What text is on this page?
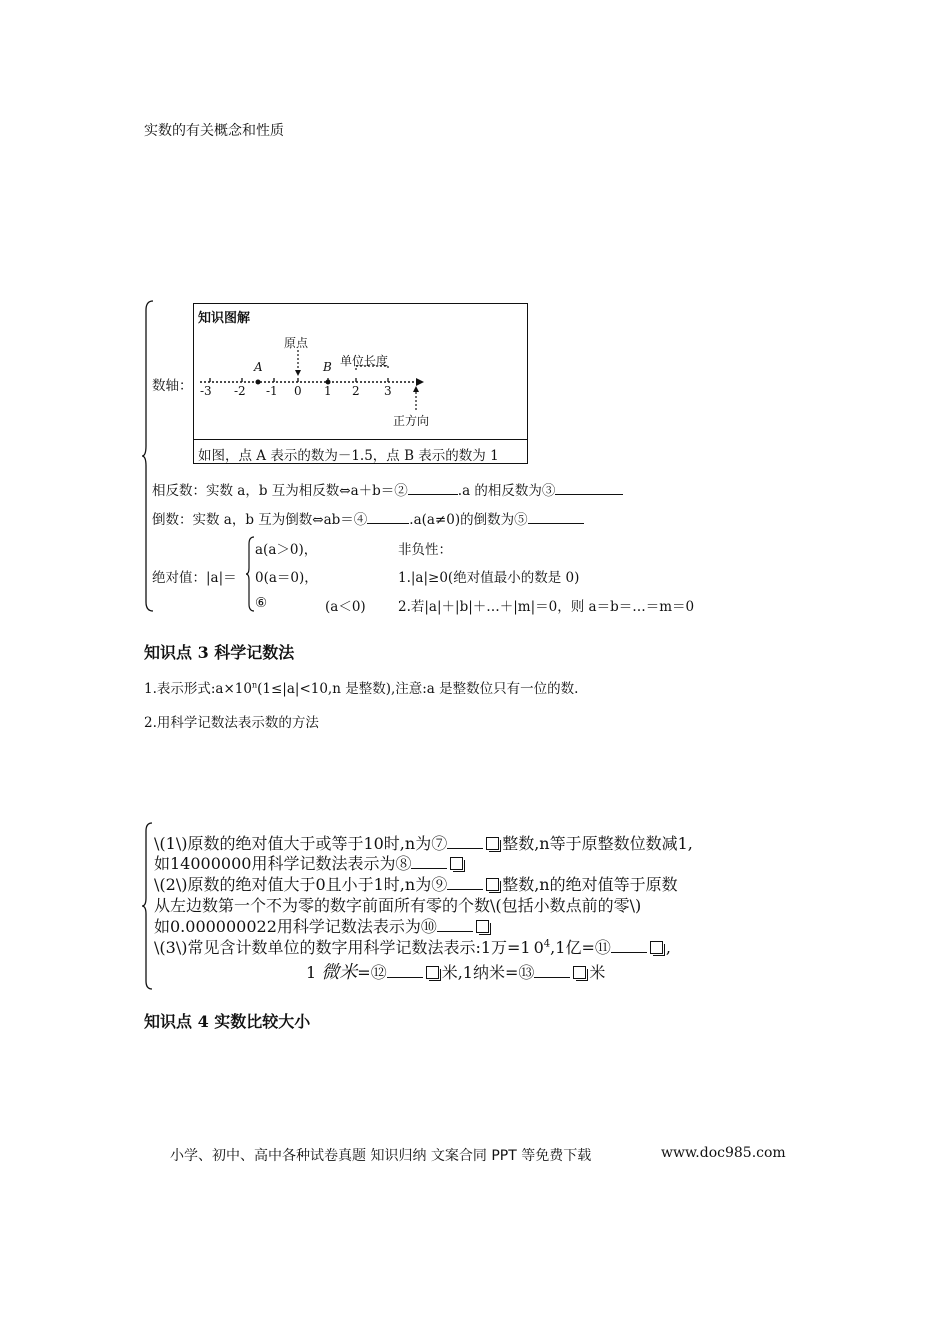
实数的有关概念和性质
数轴：
知识图解
原点
单位长度
A	B
-3 -2 -1 0 1 2 3
正方向
如图，点 A 表示的数为－1.5，点 B 表示的数为 1
相反数：实数 a，b 互为相反数⇔a＋b＝②	.a 的相反数为③
倒数：实数 a，b 互为倒数⇔ab＝④	.a(a≠0)的倒数为⑤
绝对值：|a|＝
a(a＞0)，
0(a＝0)，
⑥	(a＜0)
非负性：
1.|a|≥0(绝对值最小的数是 0)
2.若|a|＋|b|＋…＋|m|＝0，则 a＝b＝…＝m＝0
知识点 3 科学记数法
1.表示形式$:a\times 10^n(1\le|a|<10,n$ 是整数),注意:a 是整数位只有一位的数.
2.用科学记数法表示数的方法
\(1\)原数的绝对值大于或等于10时,n为⑦	整数,n等于原整数位数减1,
如14000000用科学记数法表示为⑧
\(2\)原数的绝对值大于0且小于1时,n为⑨	整数,n的绝对值等于原数
从左边数第一个不为零的数字前面所有零的个数\(包括小数点前的零\)
如0.000000022用科学记数法表示为⑩
\(3\)常见含计数单位的数字用科学记数法表示:1万=1 $0^4,1$亿=⑪	,
1 微米=⑫	米,1纳米=⑬	米
知识点 4 实数比较大小
小学、初中、高中各种试卷真题 知识归纳 文案合同 PPT 等免费下载	www.doc985.com
